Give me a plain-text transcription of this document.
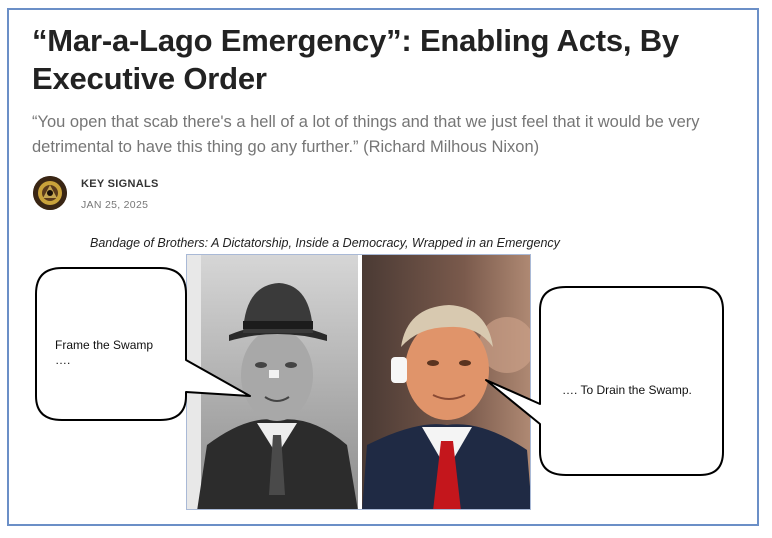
“Mar-a-Lago Emergency”: Enabling Acts, By Executive Order

“You open that scab there's a hell of a lot of things and that we just feel that it would be very detrimental to have this thing go any further.” (Richard Milhous Nixon)

KEY SIGNALS
JAN 25, 2025
Bandage of Brothers: A Dictatorship, Inside a Democracy, Wrapped in an Emergency
Frame the Swamp
….
…. To Drain the Swamp.
